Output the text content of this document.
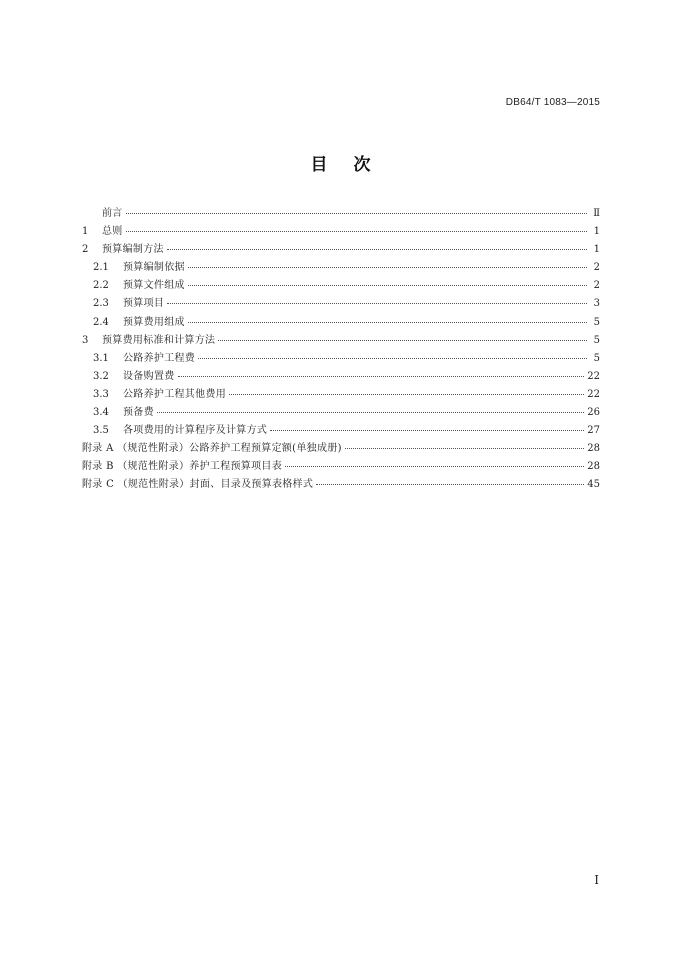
DB64/T 1083—2015
目次
前言	Ⅱ
1	总则	1
2	预算编制方法	1
2.1	预算编制依据	2
2.2	预算文件组成	2
2.3	预算项目	3
2.4	预算费用组成	5
3	预算费用标准和计算方法	5
3.1	公路养护工程费	5
3.2	设备购置费	22
3.3	公路养护工程其他费用	22
3.4	预备费	26
3.5	各项费用的计算程序及计算方式	27
附录 A （规范性附录）公路养护工程预算定额(单独成册)	28
附录 B （规范性附录）养护工程预算项目表	28
附录 C （规范性附录）封面、目录及预算表格样式	45
I
